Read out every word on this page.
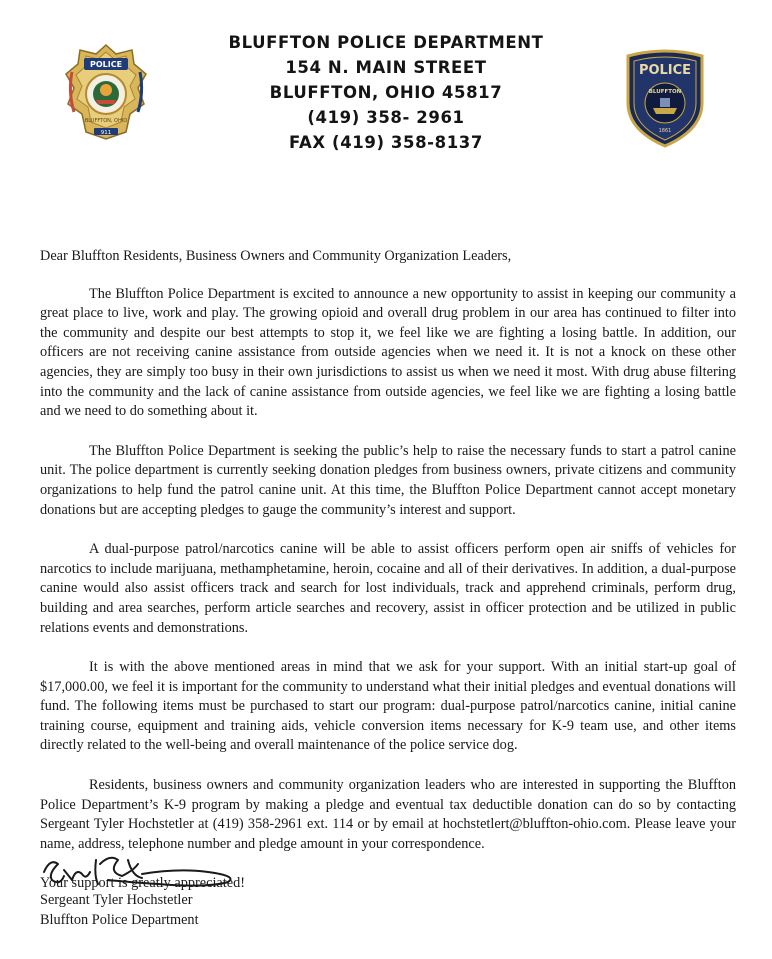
POLICE
BLUFFTON, OHIO
911
BLUFFTON POLICE DEPARTMENT
154 N. MAIN STREET
BLUFFTON, OHIO 45817
(419) 358- 2961
FAX (419) 358-8137
POLICE
BLUFFTON
1861

Dear Bluffton Residents, Business Owners and Community Organization Leaders,

The Bluffton Police Department is excited to announce a new opportunity to assist in keeping our community a great place to live, work and play. The growing opioid and overall drug problem in our area has continued to filter into the community and despite our best attempts to stop it, we feel like we are fighting a losing battle. In addition, our officers are not receiving canine assistance from outside agencies when we need it. It is not a knock on these other agencies, they are simply too busy in their own jurisdictions to assist us when we need it most. With drug abuse filtering into the community and the lack of canine assistance from outside agencies, we feel like we are fighting a losing battle and we need to do something about it.

The Bluffton Police Department is seeking the public’s help to raise the necessary funds to start a patrol canine unit. The police department is currently seeking donation pledges from business owners, private citizens and community organizations to help fund the patrol canine unit. At this time, the Bluffton Police Department cannot accept monetary donations but are accepting pledges to gauge the community’s interest and support.

A dual-purpose patrol/narcotics canine will be able to assist officers perform open air sniffs of vehicles for narcotics to include marijuana, methamphetamine, heroin, cocaine and all of their derivatives. In addition, a dual-purpose canine would also assist officers track and search for lost individuals, track and apprehend criminals, perform drug, building and area searches, perform article searches and recovery, assist in officer protection and be utilized in public relations events and demonstrations.

It is with the above mentioned areas in mind that we ask for your support. With an initial start-up goal of $17,000.00, we feel it is important for the community to understand what their initial pledges and eventual donations will fund. The following items must be purchased to start our program: dual-purpose patrol/narcotics canine, initial canine training course, equipment and training aids, vehicle conversion items necessary for K-9 team use, and other items directly related to the well-being and overall maintenance of the police service dog.

Residents, business owners and community organization leaders who are interested in supporting the Bluffton Police Department’s K-9 program by making a pledge and eventual tax deductible donation can do so by contacting Sergeant Tyler Hochstetler at (419) 358-2961 ext. 114 or by email at hochstetlert@bluffton-ohio.com. Please leave your name, address, telephone number and pledge amount in your correspondence.

Your support is greatly appreciated!

Sergeant Tyler Hochstetler
Bluffton Police Department
